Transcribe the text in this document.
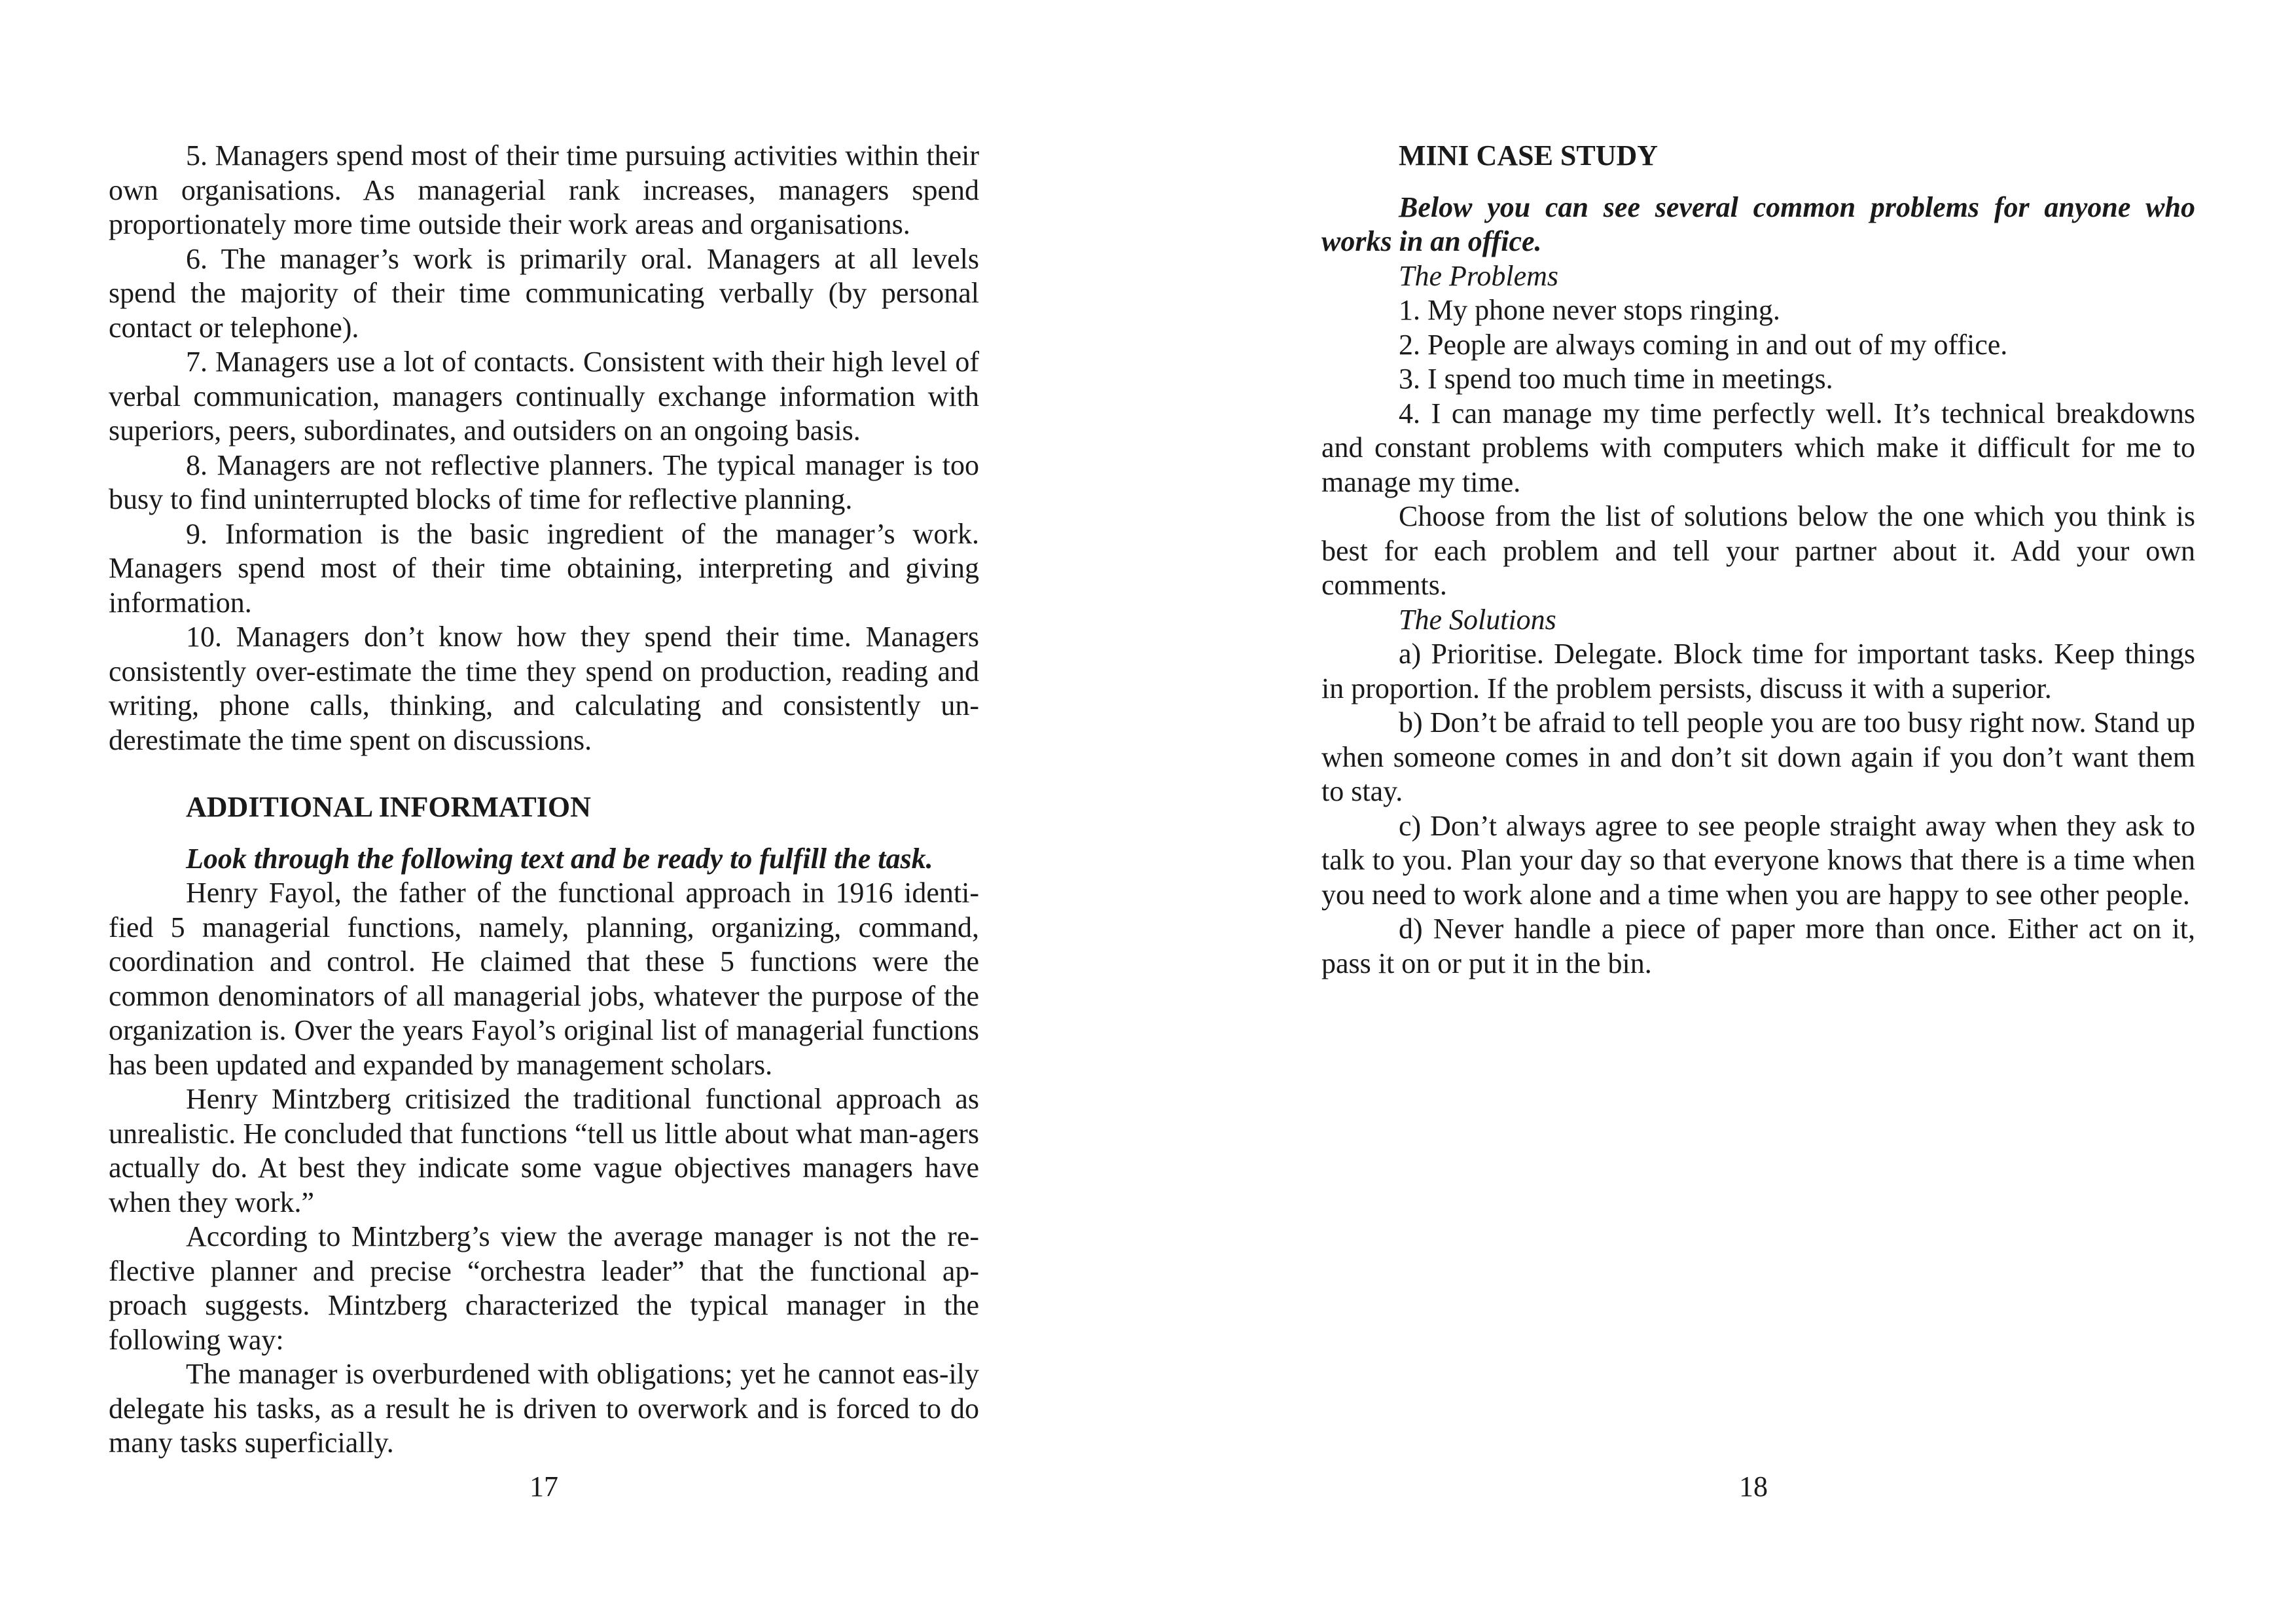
5. Managers spend most of their time pursuing activities within their own organisations. As managerial rank increases, managers spend proportionately more time outside their work areas and organisations.

6. The manager’s work is primarily oral. Managers at all levels spend the majority of their time communicating verbally (by personal contact or telephone).

7. Managers use a lot of contacts. Consistent with their high level of verbal communication, managers continually exchange information with superiors, peers, subordinates, and outsiders on an ongoing basis.

8. Managers are not reflective planners. The typical manager is too busy to find uninterrupted blocks of time for reflective planning.

9. Information is the basic ingredient of the manager’s work. Managers spend most of their time obtaining, interpreting and giving information.

10. Managers don’t know how they spend their time. Managers consistently over-estimate the time they spend on production, reading and writing, phone calls, thinking, and calculating and consistently un-derestimate the time spent on discussions.

ADDITIONAL INFORMATION

Look through the following text and be ready to fulfill the task.

Henry Fayol, the father of the functional approach in 1916 identi-fied 5 managerial functions, namely, planning, organizing, command, coordination and control. He claimed that these 5 functions were the common denominators of all managerial jobs, whatever the purpose of the organization is. Over the years Fayol’s original list of managerial functions has been updated and expanded by management scholars.

Henry Mintzberg critisized the traditional functional approach as unrealistic. He concluded that functions “tell us little about what man-agers actually do. At best they indicate some vague objectives managers have when they work.”

According to Mintzberg’s view the average manager is not the re-flective planner and precise “orchestra leader” that the functional ap-proach suggests. Mintzberg characterized the typical manager in the following way:

The manager is overburdened with obligations; yet he cannot eas-ily delegate his tasks, as a result he is driven to overwork and is forced to do many tasks superficially.

17

MINI CASE STUDY

Below you can see several common problems for anyone who works in an office.

The Problems

1. My phone never stops ringing.

2. People are always coming in and out of my office.

3. I spend too much time in meetings.

4. I can manage my time perfectly well. It’s technical breakdowns and constant problems with computers which make it difficult for me to manage my time.

Choose from the list of solutions below the one which you think is best for each problem and tell your partner about it. Add your own comments.

The Solutions

a) Prioritise. Delegate. Block time for important tasks. Keep things in proportion. If the problem persists, discuss it with a superior.

b) Don’t be afraid to tell people you are too busy right now. Stand up when someone comes in and don’t sit down again if you don’t want them to stay.

c) Don’t always agree to see people straight away when they ask to talk to you. Plan your day so that everyone knows that there is a time when you need to work alone and a time when you are happy to see other people.

d) Never handle a piece of paper more than once. Either act on it, pass it on or put it in the bin.

18
